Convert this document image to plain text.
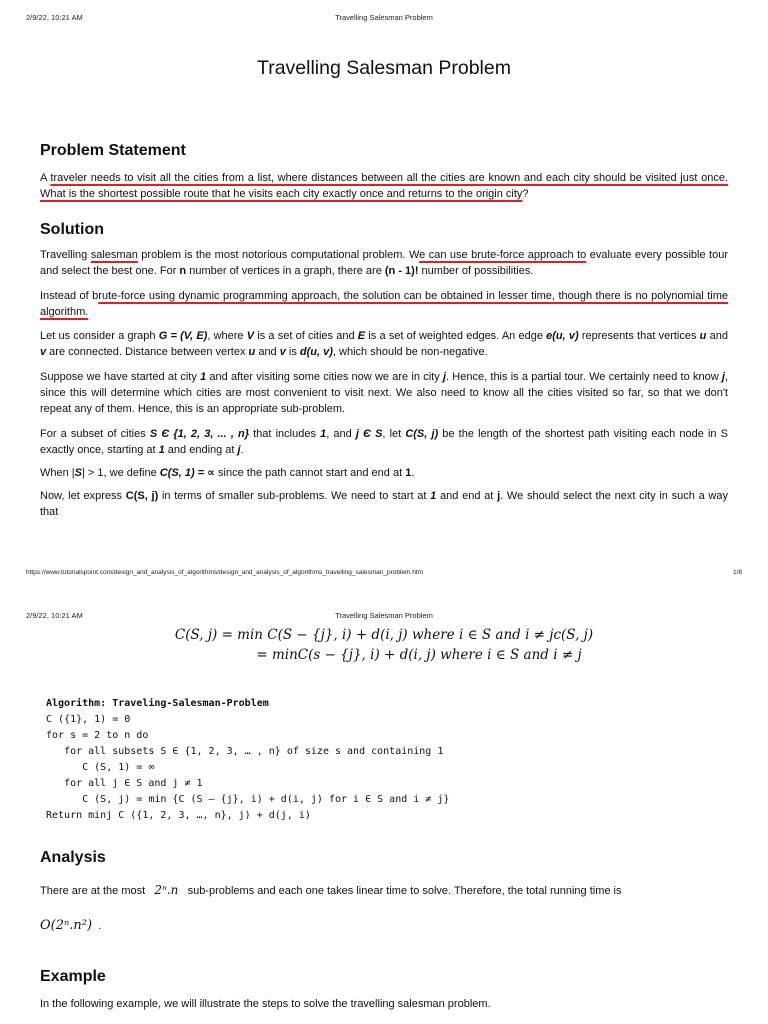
2/9/22, 10:21 AM	Travelling Salesman Problem
Travelling Salesman Problem
Problem Statement

A traveler needs to visit all the cities from a list, where distances between all the cities are known and each city should be visited just once. What is the shortest possible route that he visits each city exactly once and returns to the origin city?

Solution

Travelling salesman problem is the most notorious computational problem. We can use brute-force approach to evaluate every possible tour and select the best one. For n number of vertices in a graph, there are (n - 1)! number of possibilities.

Instead of brute-force using dynamic programming approach, the solution can be obtained in lesser time, though there is no polynomial time algorithm.

Let us consider a graph G = (V, E), where V is a set of cities and E is a set of weighted edges. An edge e(u, v) represents that vertices u and v are connected. Distance between vertex u and v is d(u, v), which should be non-negative.

Suppose we have started at city 1 and after visiting some cities now we are in city j. Hence, this is a partial tour. We certainly need to know j, since this will determine which cities are most convenient to visit next. We also need to know all the cities visited so far, so that we don't repeat any of them. Hence, this is an appropriate sub-problem.

For a subset of cities S Є {1, 2, 3, ... , n} that includes 1, and j Є S, let C(S, j) be the length of the shortest path visiting each node in S exactly once, starting at 1 and ending at j.

When |S| > 1, we define C(S, 1) = ∝ since the path cannot start and end at 1.

Now, let express C(S, j) in terms of smaller sub-problems. We need to start at 1 and end at j. We should select the next city in such a way that

https://www.tutorialspoint.com/design_and_analysis_of_algorithms/design_and_analysis_of_algorithms_travelling_salesman_problem.htm	1/8
2/9/22, 10:21 AM	Travelling Salesman Problem
C(S, j) = min C(S − {j}, i) + d(i, j) where i ∈ S and i ≠ jc(S, j)
= minC(s − {j}, i) + d(i, j) where i ∈ S and i ≠ j
Algorithm: Traveling-Salesman-Problem
C ({1}, 1) = 0
for s = 2 to n do
for all subsets S Є {1, 2, 3, … , n} of size s and containing 1
C (S, 1) = ∞
for all j Є S and j ≠ 1
C (S, j) = min {C (S – {j}, i) + d(i, j) for i Є S and i ≠ j}
Return minj C ({1, 2, 3, …, n}, j) + d(j, i)
Analysis

There are at the most   2ⁿ.n   sub-problems and each one takes linear time to solve. Therefore, the total running time is

O(2ⁿ.n²) .

Example

In the following example, we will illustrate the steps to solve the travelling salesman problem.
